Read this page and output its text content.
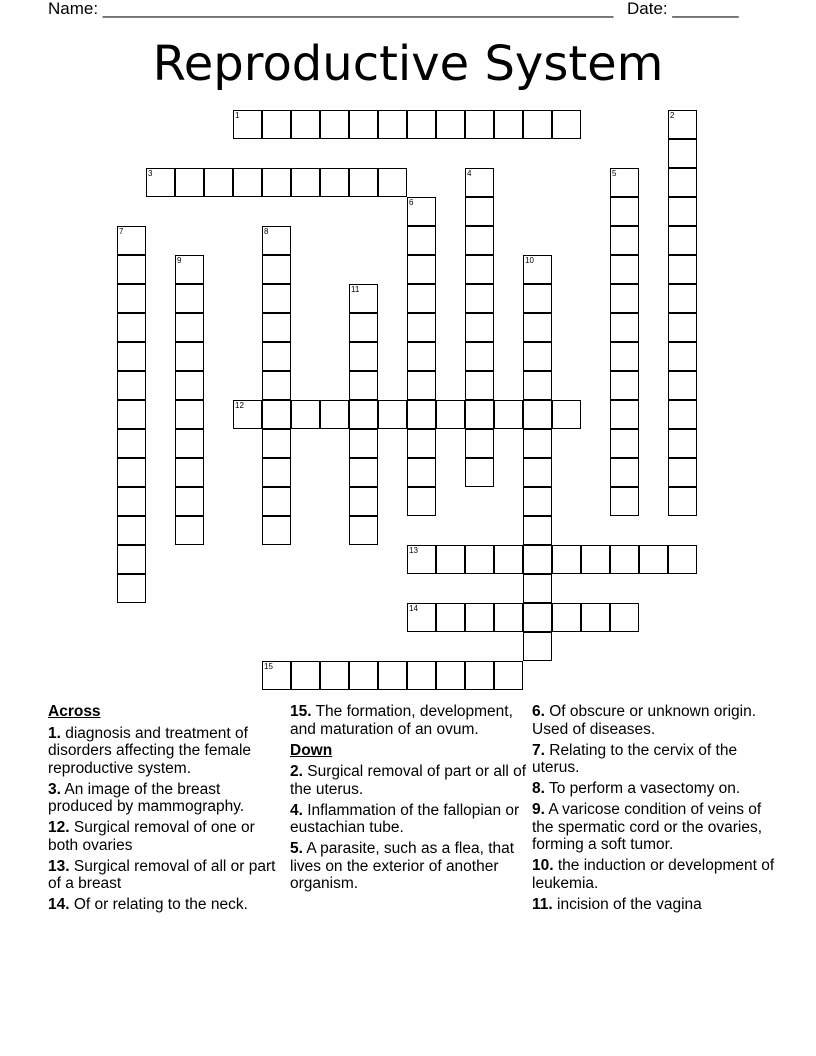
Name: ______________________________________________________ Date: _______
Reproductive System
1	2
3	4	5
6
7	8
9	10
11
12
13
14
15
Across
1. diagnosis and treatment of disorders affecting the female reproductive system.
3. An image of the breast produced by mammography.
12. Surgical removal of one or both ovaries
13. Surgical removal of all or part of a breast
14. Of or relating to the neck.
15. The formation, development, and maturation of an ovum.
Down
2. Surgical removal of part or all of the uterus.
4. Inflammation of the fallopian or eustachian tube.
5. A parasite, such as a flea, that lives on the exterior of another organism.
6. Of obscure or unknown origin. Used of diseases.
7. Relating to the cervix of the uterus.
8. To perform a vasectomy on.
9. A varicose condition of veins of the spermatic cord or the ovaries, forming a soft tumor.
10. the induction or development of leukemia.
11. incision of the vagina
